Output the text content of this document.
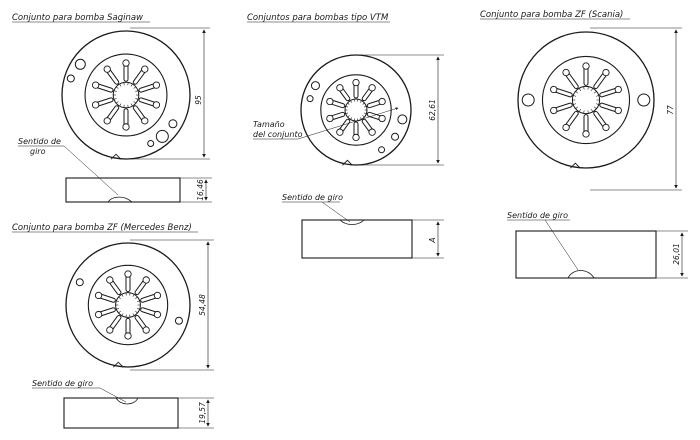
Conjunto para bomba Saginaw
95
Sentido de
giro
16,46
Conjuntos para bombas tipo VTM
62,61
Tamaño
del conjunto
Sentido de giro
A
Conjunto para bomba ZF (Scania)
77
Sentido de giro
26,01
Conjunto para bomba ZF (Mercedes Benz)
54,48
Sentido de giro
19,57
